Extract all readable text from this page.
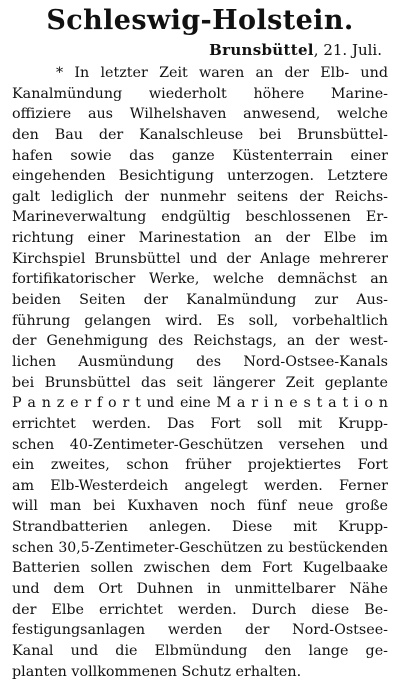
Schleswig-Holstein.
Brunsbüttel, 21. Juli.
* In letzter Zeit waren an der Elb- und
Kanalmündung wiederholt höhere Marine-
offiziere aus Wilhelshaven anwesend, welche
den Bau der Kanalschleuse bei Brunsbüttel-
hafen sowie das ganze Küstenterrain einer
eingehenden Besichtigung unterzogen. Letztere
galt lediglich der nunmehr seitens der Reichs-
Marineverwaltung endgültig beschlossenen Er-
richtung einer Marinestation an der Elbe im
Kirchspiel Brunsbüttel und der Anlage mehrerer
fortifikatorischer Werke, welche demnächst an
beiden Seiten der Kanalmündung zur Aus-
führung gelangen wird. Es soll, vorbehaltlich
der Genehmigung des Reichstags, an der west-
lichen Ausmündung des Nord-Ostsee-Kanals
bei Brunsbüttel das seit längerer Zeit geplante
P a n z e r f o r t und eine M a r i n e s t a t i o n
errichtet werden. Das Fort soll mit Krupp-
schen 40-Zentimeter-Geschützen versehen und
ein zweites, schon früher projektiertes Fort
am Elb-Westerdeich angelegt werden. Ferner
will man bei Kuxhaven noch fünf neue große
Strandbatterien anlegen. Diese mit Krupp-
schen 30,5-Zentimeter-Geschützen zu bestückenden
Batterien sollen zwischen dem Fort Kugelbaake
und dem Ort Duhnen in unmittelbarer Nähe
der Elbe errichtet werden. Durch diese Be-
festigungsanlagen werden der Nord-Ostsee-
Kanal und die Elbmündung den lange ge-
planten vollkommenen Schutz erhalten.
